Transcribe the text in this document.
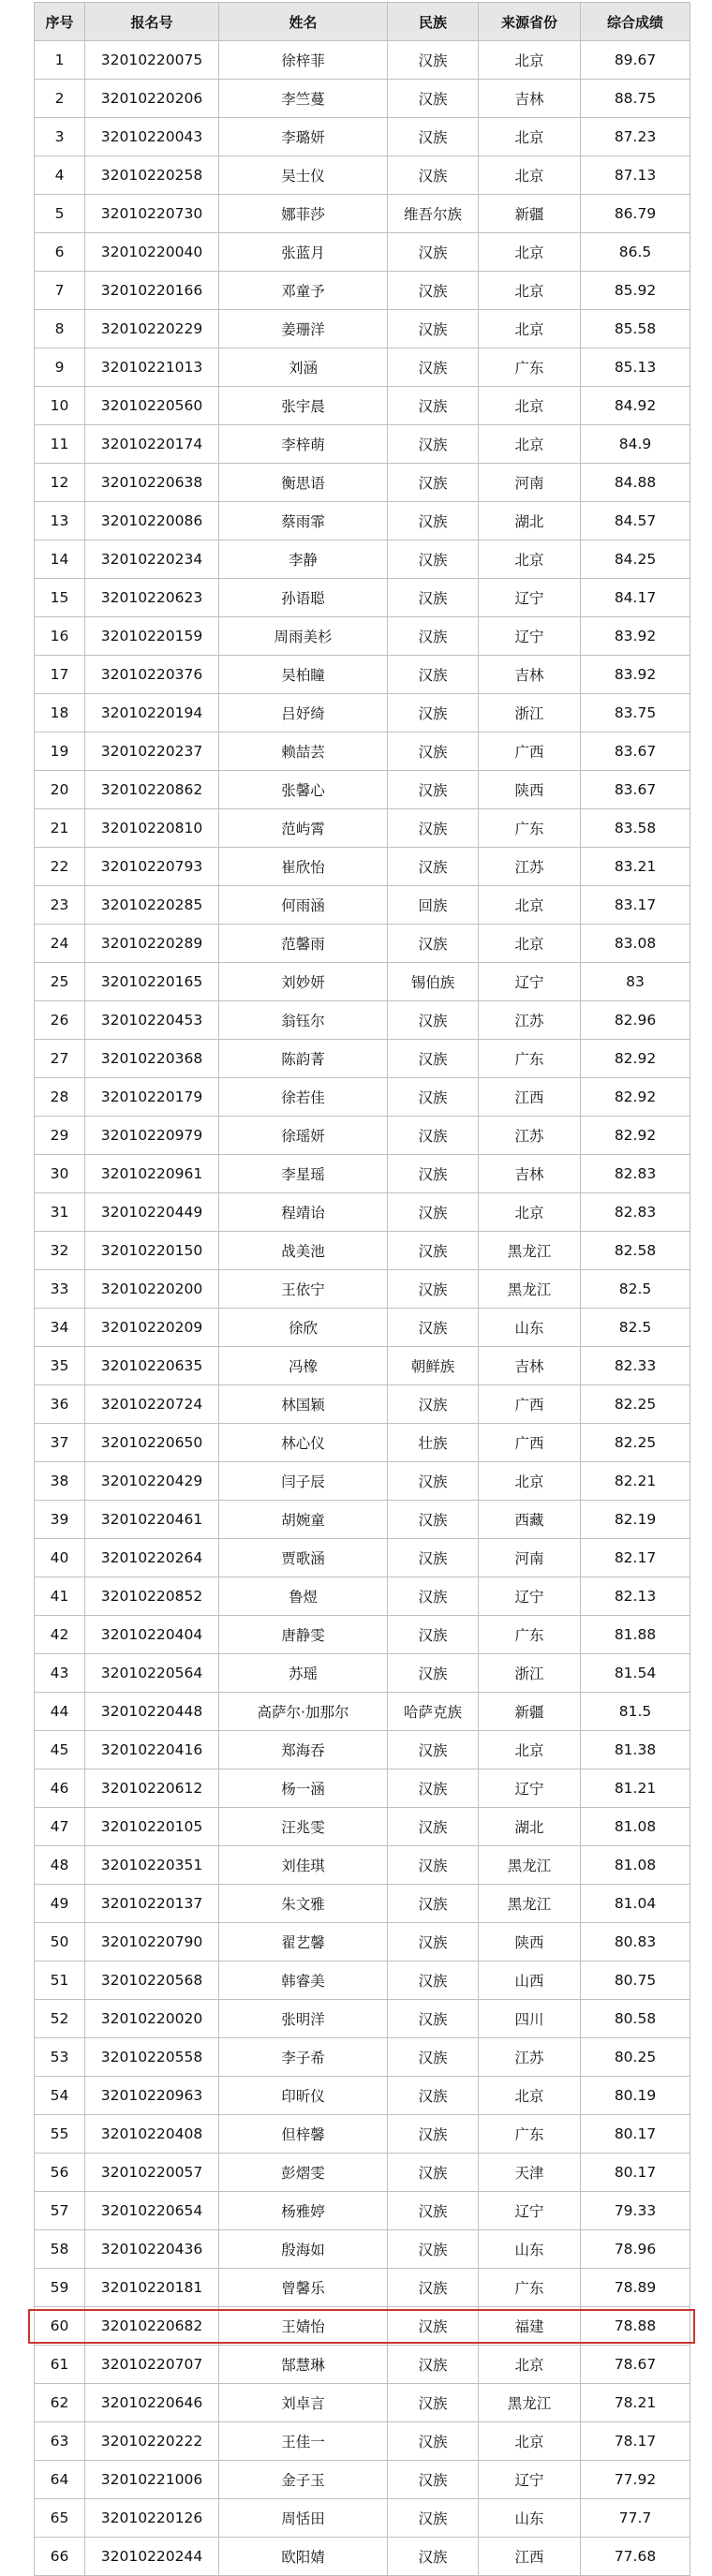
序号	报名号	姓名	民族	来源省份	综合成绩
1	32010220075	徐梓菲	汉族	北京	89.67
2	32010220206	李竺蔓	汉族	吉林	88.75
3	32010220043	李璐妍	汉族	北京	87.23
4	32010220258	吴士仪	汉族	北京	87.13
5	32010220730	娜菲莎	维吾尔族	新疆	86.79
6	32010220040	张蓝月	汉族	北京	86.5
7	32010220166	邓童予	汉族	北京	85.92
8	32010220229	姜珊洋	汉族	北京	85.58
9	32010221013	刘涵	汉族	广东	85.13
10	32010220560	张宇晨	汉族	北京	84.92
11	32010220174	李梓萌	汉族	北京	84.9
12	32010220638	衡思语	汉族	河南	84.88
13	32010220086	蔡雨霏	汉族	湖北	84.57
14	32010220234	李静	汉族	北京	84.25
15	32010220623	孙语聪	汉族	辽宁	84.17
16	32010220159	周雨美杉	汉族	辽宁	83.92
17	32010220376	吴柏瞳	汉族	吉林	83.92
18	32010220194	吕妤绮	汉族	浙江	83.75
19	32010220237	赖喆芸	汉族	广西	83.67
20	32010220862	张馨心	汉族	陕西	83.67
21	32010220810	范屿霄	汉族	广东	83.58
22	32010220793	崔欣怡	汉族	江苏	83.21
23	32010220285	何雨涵	回族	北京	83.17
24	32010220289	范馨雨	汉族	北京	83.08
25	32010220165	刘妙妍	锡伯族	辽宁	83
26	32010220453	翁钰尔	汉族	江苏	82.96
27	32010220368	陈韵菁	汉族	广东	82.92
28	32010220179	徐若佳	汉族	江西	82.92
29	32010220979	徐瑶妍	汉族	江苏	82.92
30	32010220961	李星瑶	汉族	吉林	82.83
31	32010220449	程靖诒	汉族	北京	82.83
32	32010220150	战美池	汉族	黑龙江	82.58
33	32010220200	王依宁	汉族	黑龙江	82.5
34	32010220209	徐欣	汉族	山东	82.5
35	32010220635	冯橡	朝鲜族	吉林	82.33
36	32010220724	林国颖	汉族	广西	82.25
37	32010220650	林心仪	壮族	广西	82.25
38	32010220429	闫子辰	汉族	北京	82.21
39	32010220461	胡婉童	汉族	西藏	82.19
40	32010220264	贾歌涵	汉族	河南	82.17
41	32010220852	鲁煜	汉族	辽宁	82.13
42	32010220404	唐静雯	汉族	广东	81.88
43	32010220564	苏瑶	汉族	浙江	81.54
44	32010220448	高萨尔·加那尔	哈萨克族	新疆	81.5
45	32010220416	郑海吞	汉族	北京	81.38
46	32010220612	杨一涵	汉族	辽宁	81.21
47	32010220105	汪兆雯	汉族	湖北	81.08
48	32010220351	刘佳琪	汉族	黑龙江	81.08
49	32010220137	朱文雅	汉族	黑龙江	81.04
50	32010220790	翟艺馨	汉族	陕西	80.83
51	32010220568	韩睿美	汉族	山西	80.75
52	32010220020	张明洋	汉族	四川	80.58
53	32010220558	李子希	汉族	江苏	80.25
54	32010220963	印昕仪	汉族	北京	80.19
55	32010220408	但梓馨	汉族	广东	80.17
56	32010220057	彭熠雯	汉族	天津	80.17
57	32010220654	杨雅婷	汉族	辽宁	79.33
58	32010220436	殷海如	汉族	山东	78.96
59	32010220181	曾馨乐	汉族	广东	78.89
60	32010220682	王婧怡	汉族	福建	78.88
61	32010220707	郜慧琳	汉族	北京	78.67
62	32010220646	刘卓言	汉族	黑龙江	78.21
63	32010220222	王佳一	汉族	北京	78.17
64	32010221006	金子玉	汉族	辽宁	77.92
65	32010220126	周恬田	汉族	山东	77.7
66	32010220244	欧阳婧	汉族	江西	77.68
